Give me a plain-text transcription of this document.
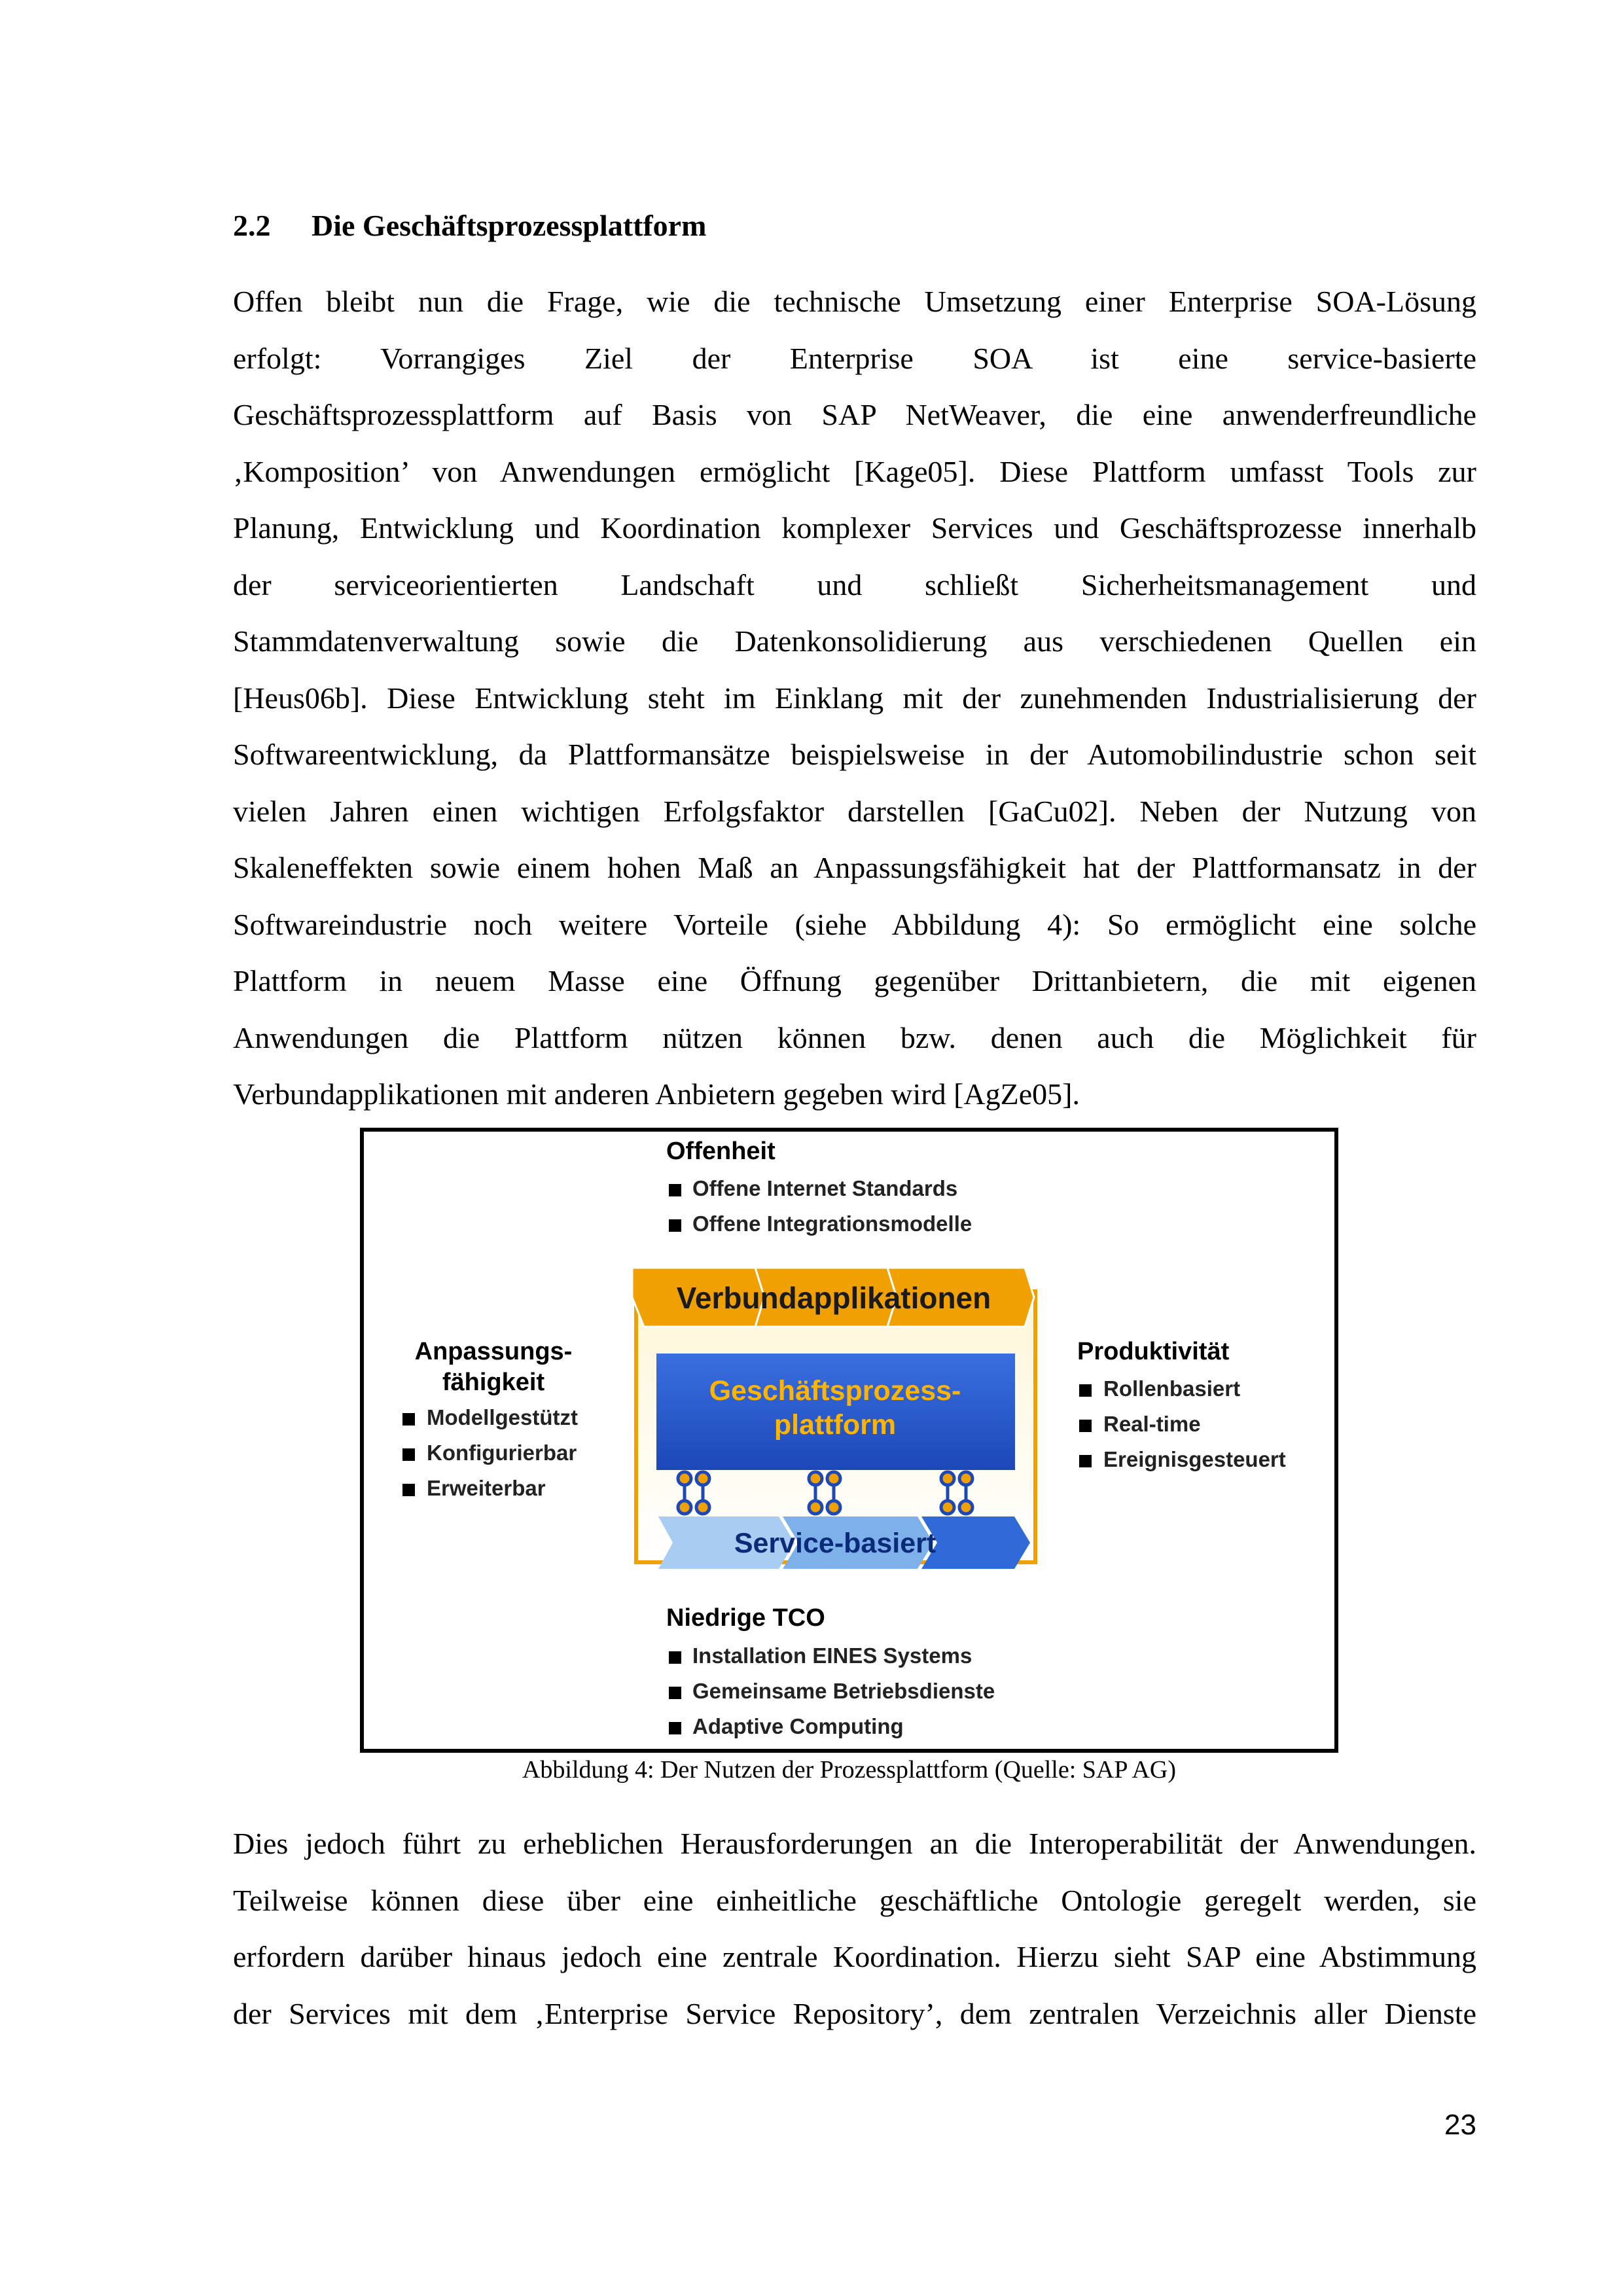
2.2 Die Geschäftsprozessplattform
Offen bleibt nun die Frage, wie die technische Umsetzung einer Enterprise SOA-Lösung
erfolgt: Vorrangiges Ziel der Enterprise SOA ist eine service-basierte
Geschäftsprozessplattform auf Basis von SAP NetWeaver, die eine anwenderfreundliche
‚Komposition’ von Anwendungen ermöglicht [Kage05]. Diese Plattform umfasst Tools zur
Planung, Entwicklung und Koordination komplexer Services und Geschäftsprozesse innerhalb
der serviceorientierten Landschaft und schließt Sicherheitsmanagement und
Stammdatenverwaltung sowie die Datenkonsolidierung aus verschiedenen Quellen ein
[Heus06b]. Diese Entwicklung steht im Einklang mit der zunehmenden Industrialisierung der
Softwareentwicklung, da Plattformansätze beispielsweise in der Automobilindustrie schon seit
vielen Jahren einen wichtigen Erfolgsfaktor darstellen [GaCu02]. Neben der Nutzung von
Skaleneffekten sowie einem hohen Maß an Anpassungsfähigkeit hat der Plattformansatz in der
Softwareindustrie noch weitere Vorteile (siehe Abbildung 4): So ermöglicht eine solche
Plattform in neuem Masse eine Öffnung gegenüber Drittanbietern, die mit eigenen
Anwendungen die Plattform nützen können bzw. denen auch die Möglichkeit für
Verbundapplikationen mit anderen Anbietern gegeben wird [AgZe05].
Offenheit
Offene Internet Standards
Offene Integrationsmodelle
Verbundapplikationen
Geschäftsprozess-
plattform
Service-basiert
Anpassungs-
fähigkeit
Modellgestützt
Konfigurierbar
Erweiterbar
Produktivität
Rollenbasiert
Real-time
Ereignisgesteuert
Niedrige TCO
Installation EINES Systems
Gemeinsame Betriebsdienste
Adaptive Computing
Abbildung 4: Der Nutzen der Prozessplattform (Quelle: SAP AG)
Dies jedoch führt zu erheblichen Herausforderungen an die Interoperabilität der Anwendungen.
Teilweise können diese über eine einheitliche geschäftliche Ontologie geregelt werden, sie
erfordern darüber hinaus jedoch eine zentrale Koordination. Hierzu sieht SAP eine Abstimmung
der Services mit dem ‚Enterprise Service Repository’, dem zentralen Verzeichnis aller Dienste
23
